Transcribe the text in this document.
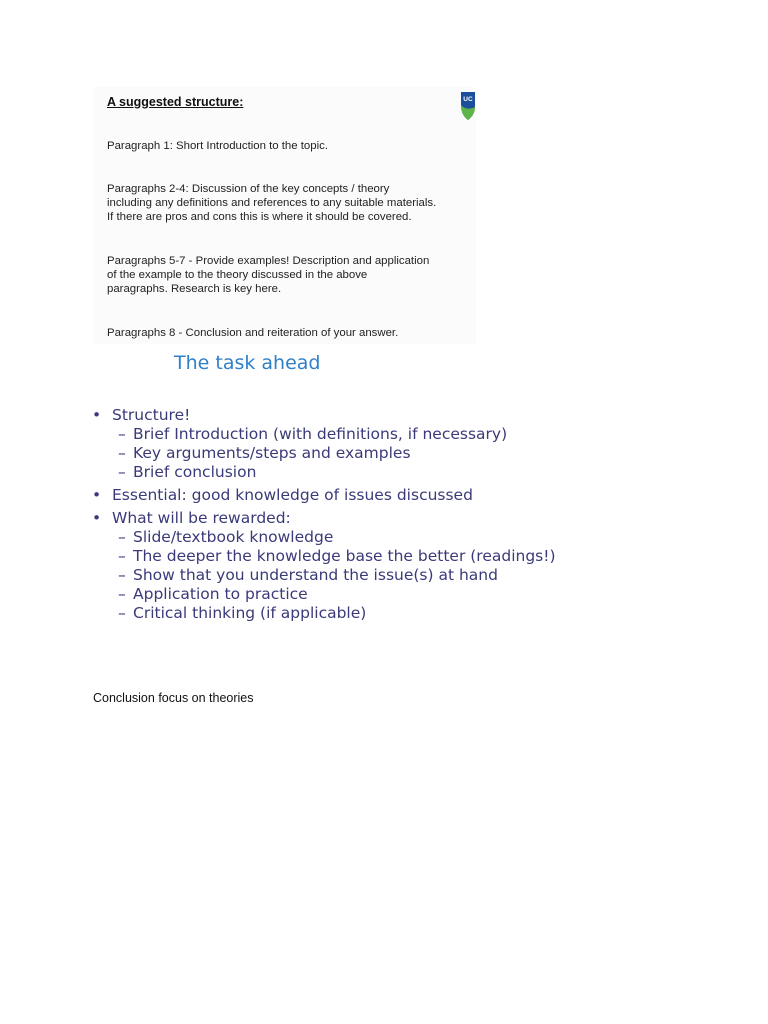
A suggested structure:
Paragraph 1: Short Introduction to the topic.
Paragraphs 2-4: Discussion of the key concepts / theory
including any definitions and references to any suitable materials.
If there are pros and cons this is where it should be covered.
Paragraphs 5-7 - Provide examples! Description and application
of the example to the theory discussed in the above
paragraphs. Research is key here.
Paragraphs 8 - Conclusion and reiteration of your answer.
UC
The task ahead
• Structure!
– Brief Introduction (with definitions, if necessary)
– Key arguments/steps and examples
– Brief conclusion
• Essential: good knowledge of issues discussed
• What will be rewarded:
– Slide/textbook knowledge
– The deeper the knowledge base the better (readings!)
– Show that you understand the issue(s) at hand
– Application to practice
– Critical thinking (if applicable)
Conclusion focus on theories
